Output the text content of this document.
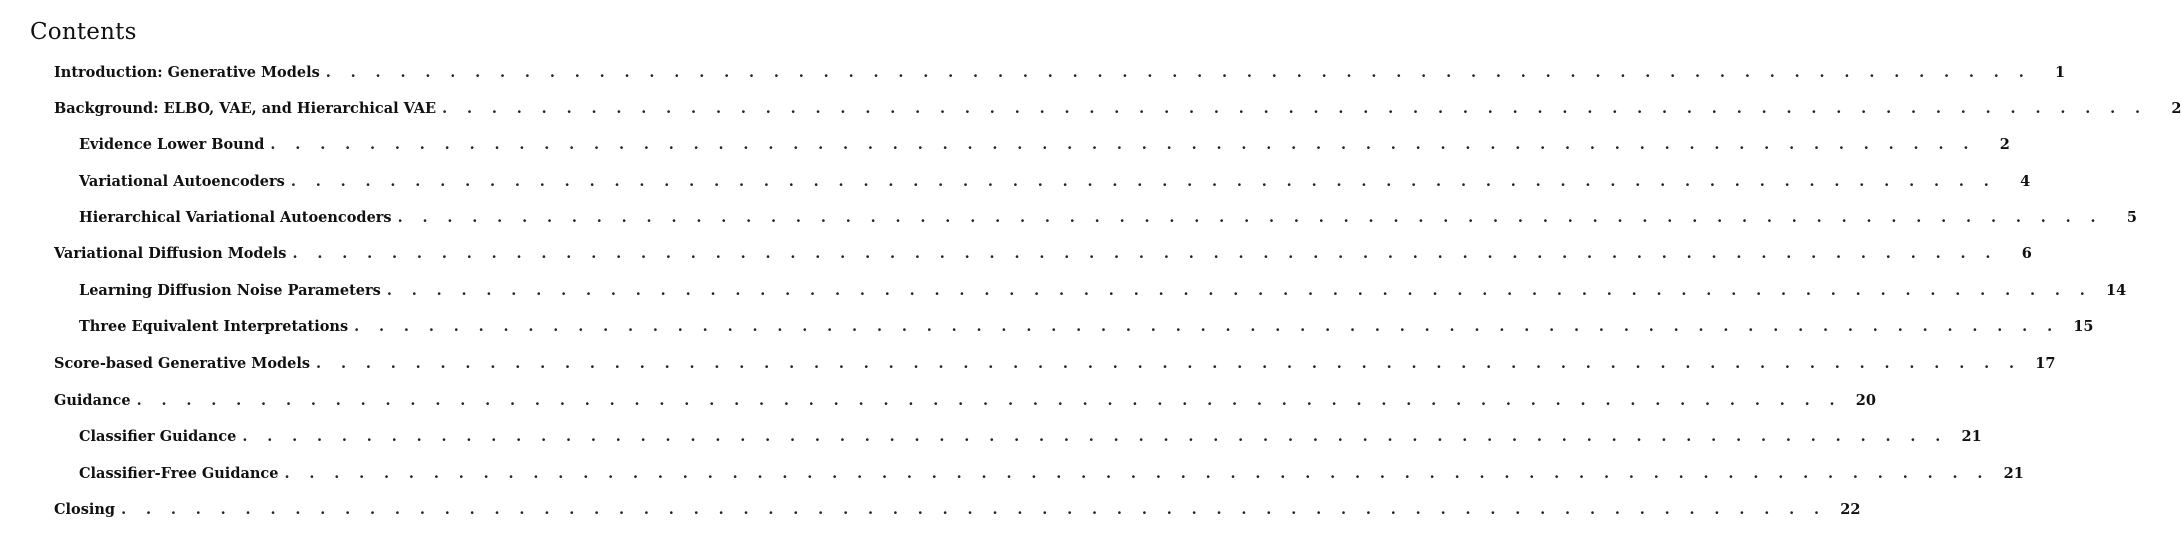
Contents
Introduction: Generative Models . . . . . . . . . . . . . . . . . . . . . . . . . . . . . . . . . . . . . . . . . . . . . . . . . . . . . . . . . . . . . . . . . . . . .	1
Background: ELBO, VAE, and Hierarchical VAE . . . . . . . . . . . . . . . . . . . . . . . . . . . . . . . . . . . . . . . . . . . . . . . . . . . . . . . . . . . . . . . . . . . . .	2
Evidence Lower Bound . . . . . . . . . . . . . . . . . . . . . . . . . . . . . . . . . . . . . . . . . . . . . . . . . . . . . . . . . . . . . . . . . . . . .	2
Variational Autoencoders . . . . . . . . . . . . . . . . . . . . . . . . . . . . . . . . . . . . . . . . . . . . . . . . . . . . . . . . . . . . . . . . . . . . .	4
Hierarchical Variational Autoencoders . . . . . . . . . . . . . . . . . . . . . . . . . . . . . . . . . . . . . . . . . . . . . . . . . . . . . . . . . . . . . . . . . . . . .	5
Variational Diffusion Models . . . . . . . . . . . . . . . . . . . . . . . . . . . . . . . . . . . . . . . . . . . . . . . . . . . . . . . . . . . . . . . . . . . . .	6
Learning Diffusion Noise Parameters . . . . . . . . . . . . . . . . . . . . . . . . . . . . . . . . . . . . . . . . . . . . . . . . . . . . . . . . . . . . . . . . . . . . . 14
Three Equivalent Interpretations . . . . . . . . . . . . . . . . . . . . . . . . . . . . . . . . . . . . . . . . . . . . . . . . . . . . . . . . . . . . . . . . . . . . . 15
Score-based Generative Models . . . . . . . . . . . . . . . . . . . . . . . . . . . . . . . . . . . . . . . . . . . . . . . . . . . . . . . . . . . . . . . . . . . . . 17
Guidance . . . . . . . . . . . . . . . . . . . . . . . . . . . . . . . . . . . . . . . . . . . . . . . . . . . . . . . . . . . . . . . . . . . . . 20
Classifier Guidance . . . . . . . . . . . . . . . . . . . . . . . . . . . . . . . . . . . . . . . . . . . . . . . . . . . . . . . . . . . . . . . . . . . . . 21
Classifier-Free Guidance . . . . . . . . . . . . . . . . . . . . . . . . . . . . . . . . . . . . . . . . . . . . . . . . . . . . . . . . . . . . . . . . . . . . . 21
Closing . . . . . . . . . . . . . . . . . . . . . . . . . . . . . . . . . . . . . . . . . . . . . . . . . . . . . . . . . . . . . . . . . . . . . 22
